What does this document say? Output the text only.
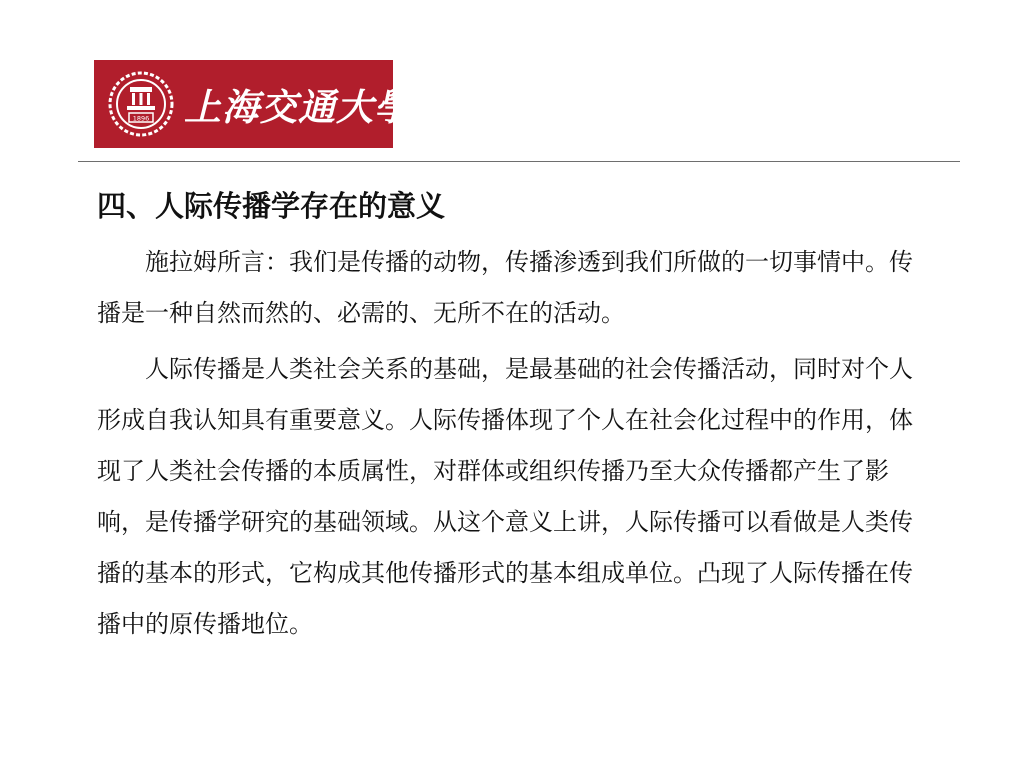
1896 上海交通大學
四、人际传播学存在的意义

施拉姆所言：我们是传播的动物，传播渗透到我们所做的一切事情中。传播是一种自然而然的、必需的、无所不在的活动。

人际传播是人类社会关系的基础，是最基础的社会传播活动，同时对个人形成自我认知具有重要意义。人际传播体现了个人在社会化过程中的作用，体现了人类社会传播的本质属性，对群体或组织传播乃至大众传播都产生了影响，是传播学研究的基础领域。从这个意义上讲，人际传播可以看做是人类传播的基本的形式，它构成其他传播形式的基本组成单位。凸现了人际传播在传播中的原传播地位。
